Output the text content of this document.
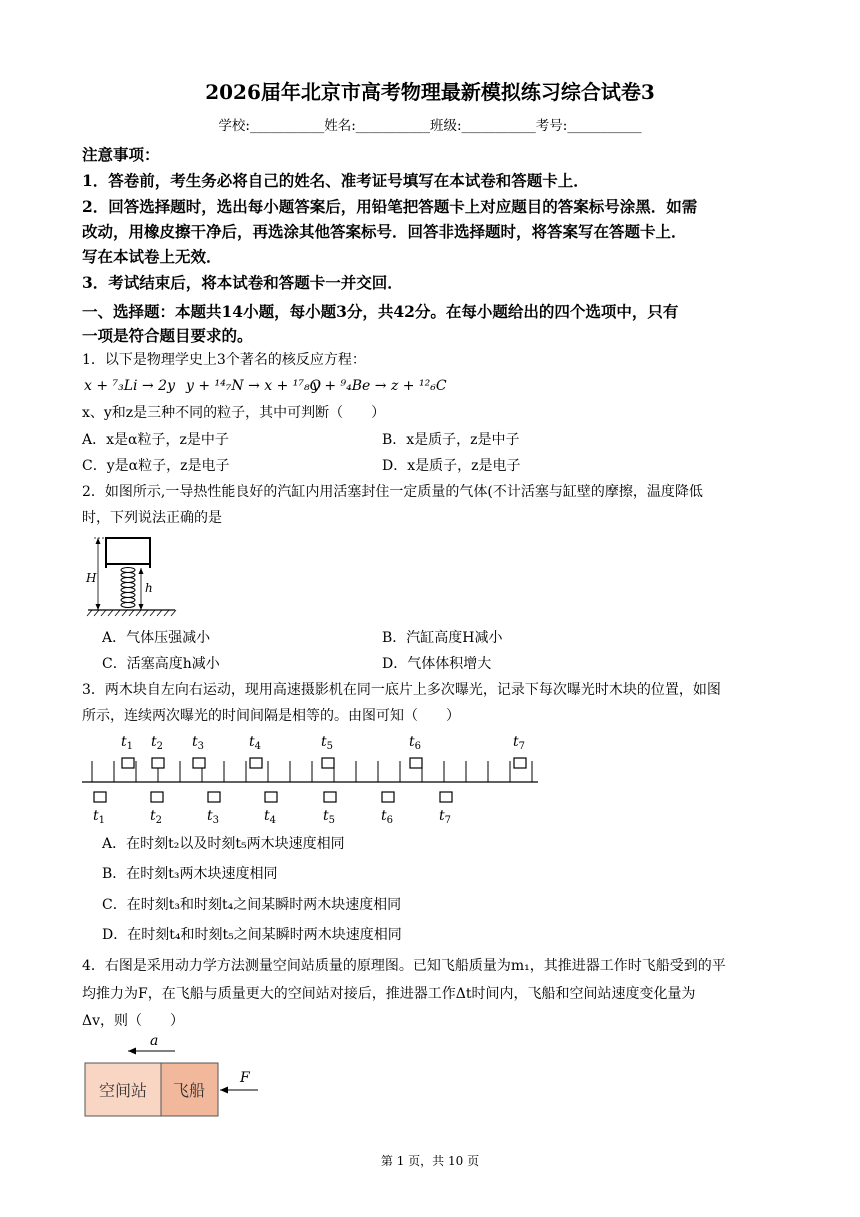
2026届年北京市高考物理最新模拟练习综合试卷3
学校:___________姓名:___________班级:___________考号:___________
注意事项：
1．答卷前，考生务必将自己的姓名、准考证号填写在本试卷和答题卡上．
2．回答选择题时，选出每小题答案后，用铅笔把答题卡上对应题目的答案标号涂黑．如需
改动，用橡皮擦干净后，再选涂其他答案标号．回答非选择题时，将答案写在答题卡上．
写在本试卷上无效．
3．考试结束后，将本试卷和答题卡一并交回．
一、选择题：本题共14小题，每小题3分，共42分。在每小题给出的四个选项中，只有
一项是符合题目要求的。
1．以下是物理学史上3个著名的核反应方程：
x + ⁷₃Li → 2y y + ¹⁴₇N → x + ¹⁷₈O
y + ⁹₄Be → z + ¹²₆C
x、y和z是三种不同的粒子，其中可判断（　　）
A．x是α粒子，z是中子	B．x是质子，z是中子
C．y是α粒子，z是电子	D．x是质子，z是电子
2．如图所示,一导热性能良好的汽缸内用活塞封住一定质量的气体(不计活塞与缸壁的摩擦，温度降低
时，下列说法正确的是
H
h
A．气体压强减小	B．汽缸高度H减小
C．活塞高度h减小	D．气体体积增大
3．两木块自左向右运动，现用高速摄影机在同一底片上多次曝光，记录下每次曝光时木块的位置，如图
所示，连续两次曝光的时间间隔是相等的。由图可知（　　）
$t_1$ $t_2$ $t_3$	$t_4$	$t_5$	$t_6$	$t_7$
$t_1$	$t_2$	$t_3$	$t_4$	$t_5$	$t_6$	$t_7$
A．在时刻t₂以及时刻t₅两木块速度相同
B．在时刻t₃两木块速度相同
C．在时刻t₃和时刻t₄之间某瞬时两木块速度相同
D．在时刻t₄和时刻t₅之间某瞬时两木块速度相同
4．右图是采用动力学方法测量空间站质量的原理图。已知飞船质量为m₁，其推进器工作时飞船受到的平
均推力为F，在飞船与质量更大的空间站对接后，推进器工作Δt时间内，飞船和空间站速度变化量为
Δv，则（　　）
a
空间站 飞船
F
第 1 页，共 10 页
